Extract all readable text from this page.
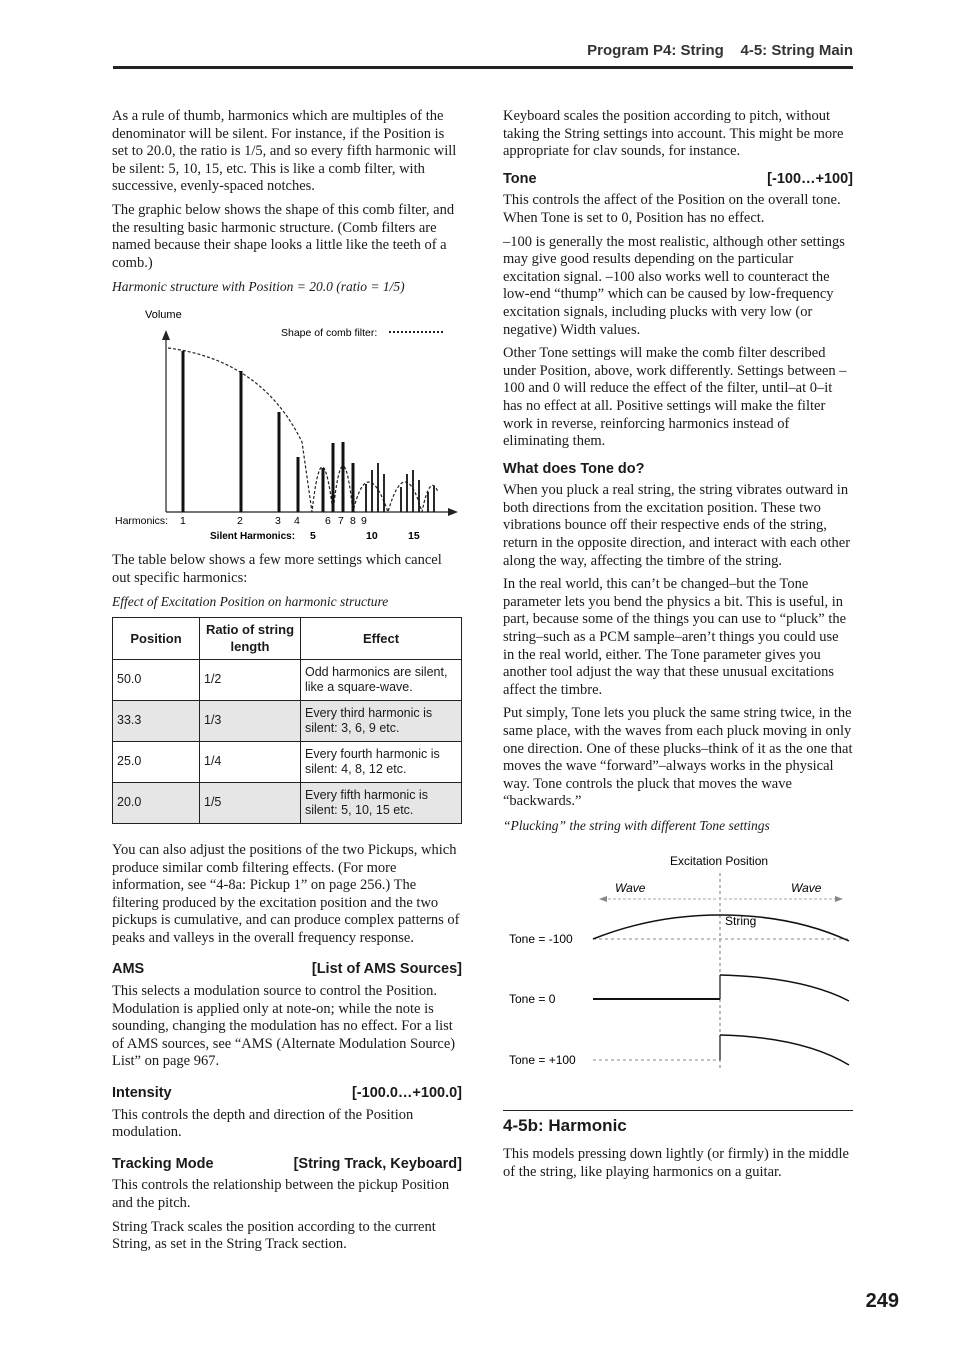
Program P4: String    4-5: String Main

As a rule of thumb, harmonics which are multiples of the denominator will be silent. For instance, if the Position is set to 20.0, the ratio is 1/5, and so every fifth harmonic will be silent: 5, 10, 15, etc. This is like a comb filter, with successive, evenly-spaced notches.

The graphic below shows the shape of this comb filter, and the resulting basic harmonic structure. (Comb filters are named because their shape looks a little like the teeth of a comb.)

Harmonic structure with Position = 20.0 (ratio = 1/5)
Volume
Shape of comb filter:
Harmonics: 1	2	3 4 6 7 8 9
Silent Harmonics: 5	10	15

The table below shows a few more settings which cancel out specific harmonics:

Effect of Excitation Position on harmonic structure
Position	Ratio of string length	Effect
50.0	1/2	Odd harmonics are silent, like a square-wave.
33.3	1/3	Every third harmonic is silent: 3, 6, 9 etc.
25.0	1/4	Every fourth harmonic is silent: 4, 8, 12 etc.
20.0	1/5	Every fifth harmonic is silent: 5, 10, 15 etc.

You can also adjust the positions of the two Pickups, which produce similar comb filtering effects. (For more information, see “4-8a: Pickup 1” on page 256.) The filtering produced by the excitation position and the two pickups is cumulative, and can produce complex patterns of peaks and valleys in the overall frequency response.

AMS	[List of AMS Sources]

This selects a modulation source to control the Position. Modulation is applied only at note-on; while the note is sounding, changing the modulation has no effect. For a list of AMS sources, see “AMS (Alternate Modulation Source) List” on page 967.

Intensity	[-100.0…+100.0]

This controls the depth and direction of the Position modulation.

Tracking Mode	[String Track, Keyboard]

This controls the relationship between the pickup Position and the pitch.

String Track scales the position according to the current String, as set in the String Track section.

Keyboard scales the position according to pitch, without taking the String settings into account. This might be more appropriate for clav sounds, for instance.

Tone	[-100…+100]

This controls the affect of the Position on the overall tone. When Tone is set to 0, Position has no effect.

–100 is generally the most realistic, although other settings may give good results depending on the particular excitation signal. –100 also works well to counteract the low-end “thump” which can be caused by low-frequency excitation signals, including plucks with very low (or negative) Width values.

Other Tone settings will make the comb filter described under Position, above, work differently. Settings between –100 and 0 will reduce the effect of the filter, until–at 0–it has no effect at all. Positive settings will make the filter work in reverse, reinforcing harmonics instead of eliminating them.

What does Tone do?

When you pluck a real string, the string vibrates outward in both directions from the excitation position. These two vibrations bounce off their respective ends of the string, return in the opposite direction, and interact with each other along the way, affecting the timbre of the string.

In the real world, this can’t be changed–but the Tone parameter lets you bend the physics a bit. This is useful, in part, because some of the things you can use to “pluck” the string–such as a PCM sample–aren’t things you could use in the real world, either. The Tone parameter gives you another tool adjust the way that these unusual excitations affect the timbre.

Put simply, Tone lets you pluck the same string twice, in the same place, with the waves from each pluck moving in only one direction. One of these plucks–think of it as the one that moves the wave “forward”–always works in the physical way. Tone controls the pluck that moves the wave “backwards.”

“Plucking” the string with different Tone settings
Excitation Position
Wave	Wave
String
Tone = -100
Tone = 0
Tone = +100
4-5b: Harmonic

This models pressing down lightly (or firmly) in the middle of the string, like playing harmonics on a guitar.

249
